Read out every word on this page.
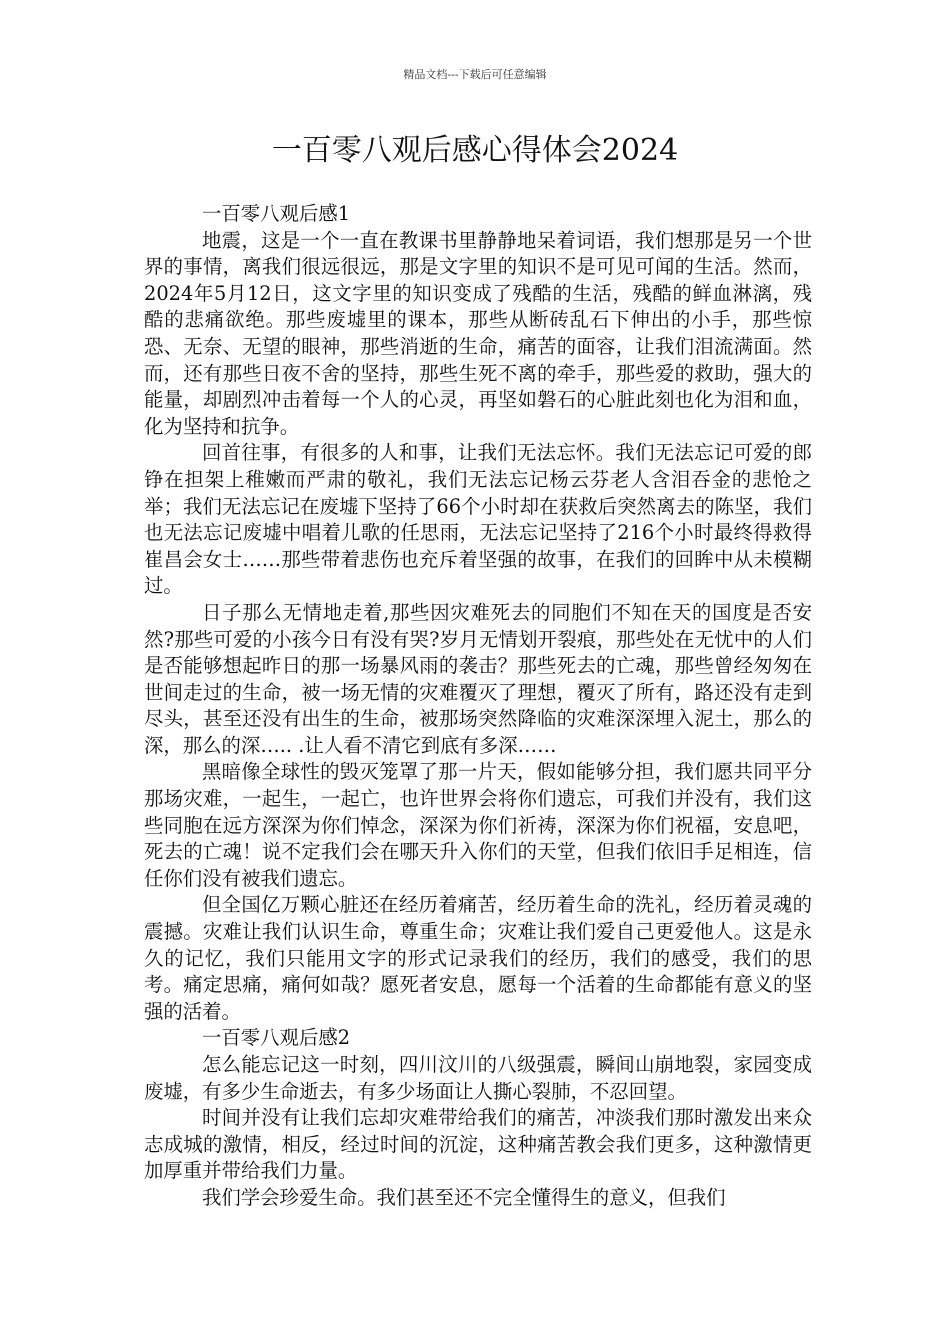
精品文档---下载后可任意编辑
一百零八观后感心得体会2024

一百零八观后感1

地震，这是一个一直在教课书里静静地呆着词语，我们想那是另一个世界的事情，离我们很远很远，那是文字里的知识不是可见可闻的生活。然而，2024年5月12日，这文字里的知识变成了残酷的生活，残酷的鲜血淋漓，残酷的悲痛欲绝。那些废墟里的课本，那些从断砖乱石下伸出的小手，那些惊恐、无奈、无望的眼神，那些消逝的生命，痛苦的面容，让我们泪流满面。然而，还有那些日夜不舍的坚持，那些生死不离的牵手，那些爱的救助，强大的能量，却剧烈冲击着每一个人的心灵，再坚如磐石的心脏此刻也化为泪和血，化为坚持和抗争。

回首往事，有很多的人和事，让我们无法忘怀。我们无法忘记可爱的郎铮在担架上稚嫩而严肃的敬礼，我们无法忘记杨云芬老人含泪吞金的悲怆之举；我们无法忘记在废墟下坚持了66个小时却在获救后突然离去的陈坚，我们也无法忘记废墟中唱着儿歌的任思雨，无法忘记坚持了216个小时最终得救得崔昌会女士……那些带着悲伤也充斥着坚强的故事，在我们的回眸中从未模糊过。

日子那么无情地走着,那些因灾难死去的同胞们不知在天的国度是否安然?那些可爱的小孩今日有没有哭?岁月无情划开裂痕，那些处在无忧中的人们是否能够想起昨日的那一场暴风雨的袭击？那些死去的亡魂，那些曾经匆匆在世间走过的生命，被一场无情的灾难覆灭了理想，覆灭了所有，路还没有走到尽头，甚至还没有出生的生命，被那场突然降临的灾难深深埋入泥土，那么的深，那么的深….. .让人看不清它到底有多深……

黑暗像全球性的毁灭笼罩了那一片天，假如能够分担，我们愿共同平分那场灾难，一起生，一起亡，也许世界会将你们遗忘，可我们并没有，我们这些同胞在远方深深为你们悼念，深深为你们祈祷，深深为你们祝福，安息吧，死去的亡魂！说不定我们会在哪天升入你们的天堂，但我们依旧手足相连，信任你们没有被我们遗忘。

但全国亿万颗心脏还在经历着痛苦，经历着生命的洗礼，经历着灵魂的震撼。灾难让我们认识生命，尊重生命；灾难让我们爱自己更爱他人。这是永久的记忆，我们只能用文字的形式记录我们的经历，我们的感受，我们的思考。痛定思痛，痛何如哉？愿死者安息，愿每一个活着的生命都能有意义的坚强的活着。

一百零八观后感2

怎么能忘记这一时刻，四川汶川的八级强震，瞬间山崩地裂，家园变成废墟，有多少生命逝去，有多少场面让人撕心裂肺，不忍回望。

时间并没有让我们忘却灾难带给我们的痛苦，冲淡我们那时激发出来众志成城的激情，相反，经过时间的沉淀，这种痛苦教会我们更多，这种激情更加厚重并带给我们力量。

我们学会珍爱生命。我们甚至还不完全懂得生的意义，但我们
